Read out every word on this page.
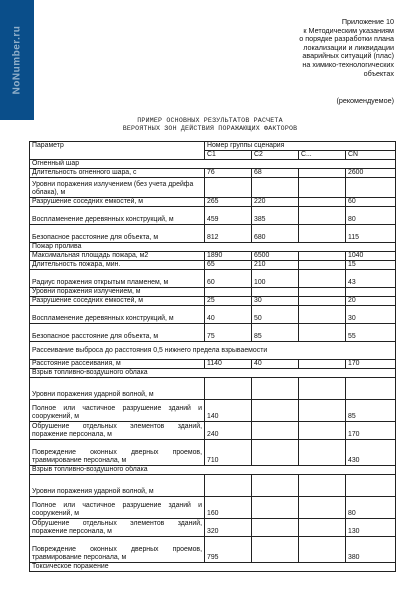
NoNumber.ru
Приложение 10
к Методическим указаниям
о порядке разработки плана
локализации и ликвидации
аварийных ситуаций (плас)
на химико-технологических
объектах
(рекомендуемое)
ПРИМЕР ОСНОВНЫХ РЕЗУЛЬТАТОВ РАСЧЕТА
ВЕРОЯТНЫХ ЗОН ДЕЙСТВИЯ ПОРАЖАЮЩИХ ФАКТОРОВ
Параметр	Номер группы сценария			
	C1	C2	C...	CN
Огненный шар				
Длительность огненного шара, с	76	68		2600
Уровни поражения излучением (без учета дрейфа облака), м				
Разрушение соседних емкостей, м	265	220		60
Воспламенение деревянных конструкций, м	459	385		80
Безопасное расстояние для объекта, м	812	680		115
Пожар пролива				
Максимальная площадь пожара, м2	1890	6500		1040
Длительность пожара, мин.	65	210		15
Радиус поражения открытым пламенем, м	60	100		43
Уровни поражения излучением, м				
Разрушение соседних емкостей, м	25	30		20
Воспламенение деревянных конструкций, м	40	50		30
Безопасное расстояние для объекта, м	75	85		55
Рассеивание выброса до расстояния 0,5 нижнего предела взрываемости				
Расстояние рассеивания, м	1140	40		170
Взрыв топливно-воздушного облака				
Уровни поражения ударной волной, м				
Полное или частичное разрушение зданий и сооружений, м	140			85
Обрушение отдельных элементов зданий, поражение персонала, м	240			170
Повреждение оконных дверных проемов, травмирование персонала, м	710			430
Взрыв топливно-воздушного облака				
Уровни поражения ударной волной, м				
Полное или частичное разрушение зданий и сооружений, м	160			80
Обрушение отдельных элементов зданий, поражение персонала, м	320			130
Повреждение оконных дверных проемов, травмирование персонала, м	795			380
Токсическое поражение				
